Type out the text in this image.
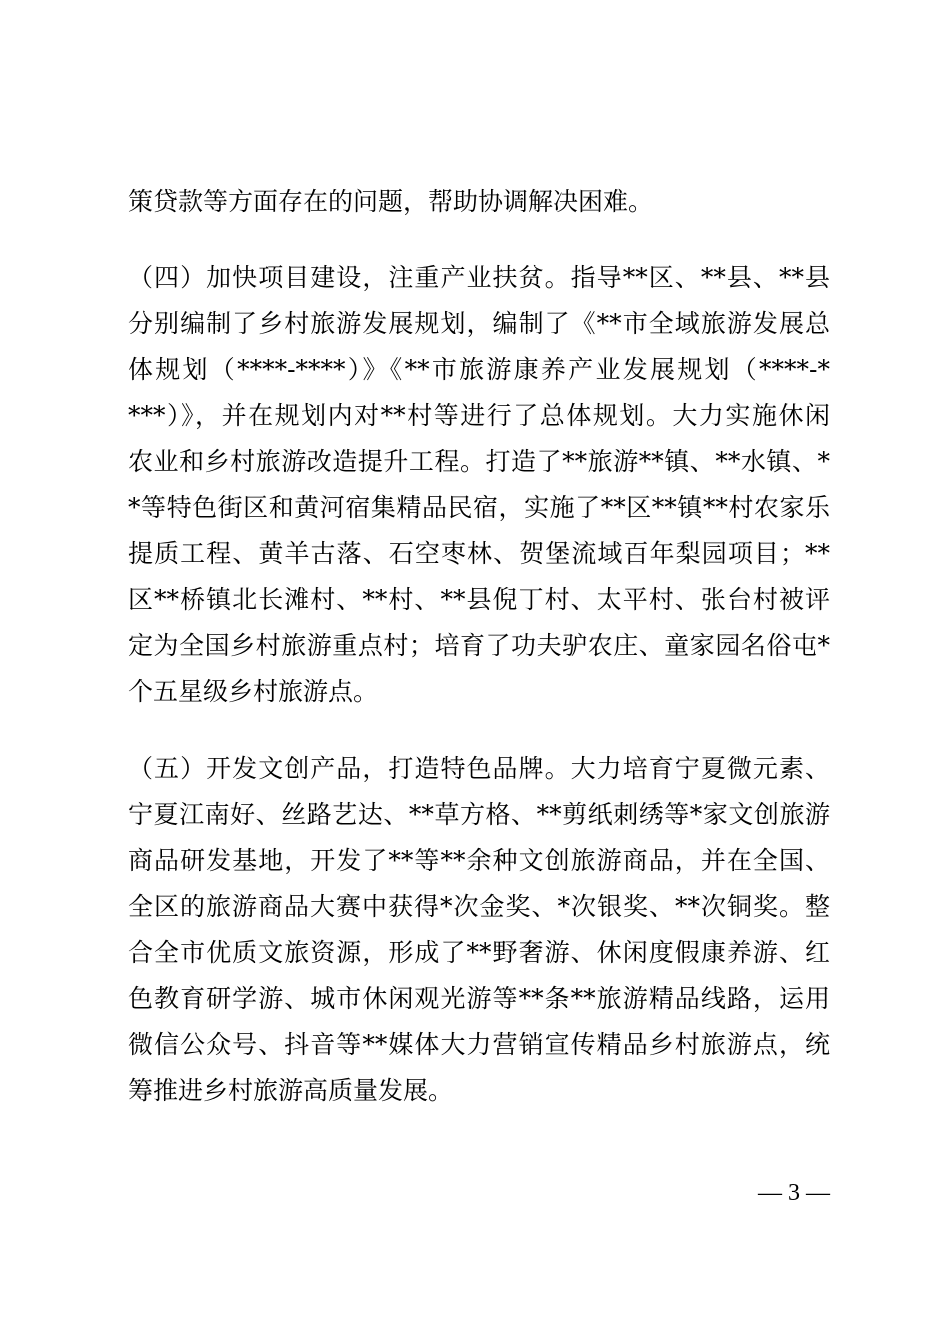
策贷款等方面存在的问题，帮助协调解决困难。
（四）加快项目建设，注重产业扶贫。指导**区、**县、**县
分别编制了乡村旅游发展规划，编制了《**市全域旅游发展总
体规划（****-****）》《**市旅游康养产业发展规划（****-*
***）》，并在规划内对**村等进行了总体规划。大力实施休闲
农业和乡村旅游改造提升工程。打造了**旅游**镇、**水镇、*
*等特色街区和黄河宿集精品民宿，实施了**区**镇**村农家乐
提质工程、黄羊古落、石空枣林、贺堡流域百年梨园项目；**
区**桥镇北长滩村、**村、**县倪丁村、太平村、张台村被评
定为全国乡村旅游重点村；培育了功夫驴农庄、童家园名俗屯*
个五星级乡村旅游点。
（五）开发文创产品，打造特色品牌。大力培育宁夏微元素、
宁夏江南好、丝路艺达、**草方格、**剪纸刺绣等*家文创旅游
商品研发基地，开发了**等**余种文创旅游商品，并在全国、
全区的旅游商品大赛中获得*次金奖、*次银奖、**次铜奖。整
合全市优质文旅资源，形成了**野奢游、休闲度假康养游、红
色教育研学游、城市休闲观光游等**条**旅游精品线路，运用
微信公众号、抖音等**媒体大力营销宣传精品乡村旅游点，统
筹推进乡村旅游高质量发展。
— 3 —
